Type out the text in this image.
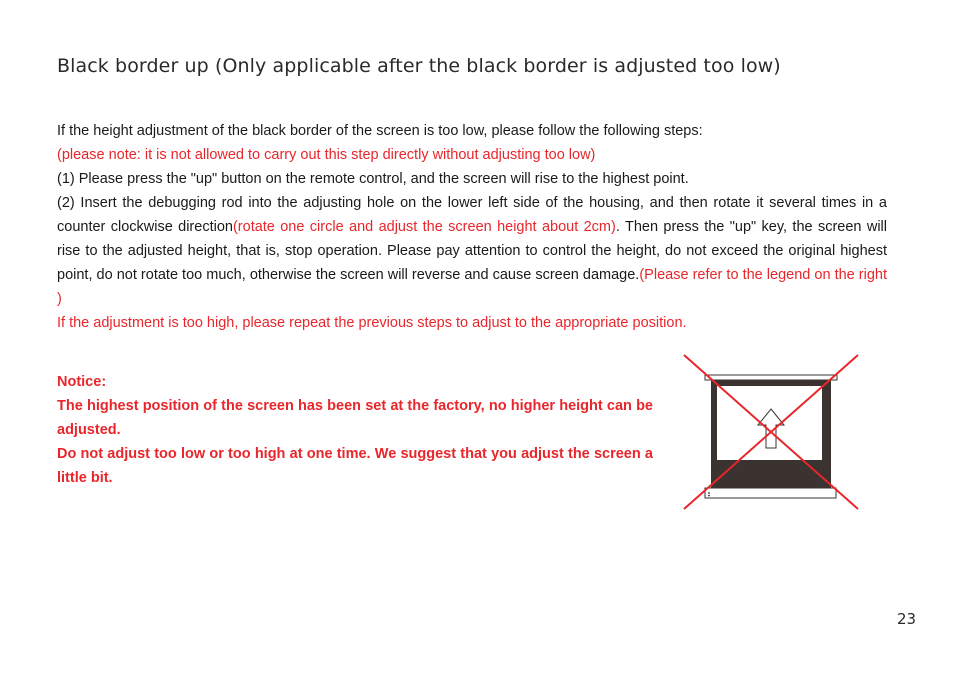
Black border up (Only applicable after the black border is adjusted too low)

If the height adjustment of the black border of the screen is too low, please follow the following steps:

(please note: it is not allowed to carry out this step directly without adjusting too low)

(1) Please press the "up" button on the remote control, and the screen will rise to the highest point.

(2) Insert the debugging rod into the adjusting hole on the lower left side of the housing, and then rotate it several times in a counter clockwise direction(rotate one circle and adjust the screen height about 2cm). Then press the "up" key, the screen will rise to the adjusted height, that is, stop operation. Please pay attention to control the height, do not exceed the original highest point, do not rotate too much, otherwise the screen will reverse and cause screen damage.(Please refer to the legend on the right )

If the adjustment is too high, please repeat the previous steps to adjust to the appropriate position.

Notice:

The highest position of the screen has been set at the factory, no higher height can be adjusted.

Do not adjust too low or too high at one time. We suggest that you adjust the screen a little bit.

23
